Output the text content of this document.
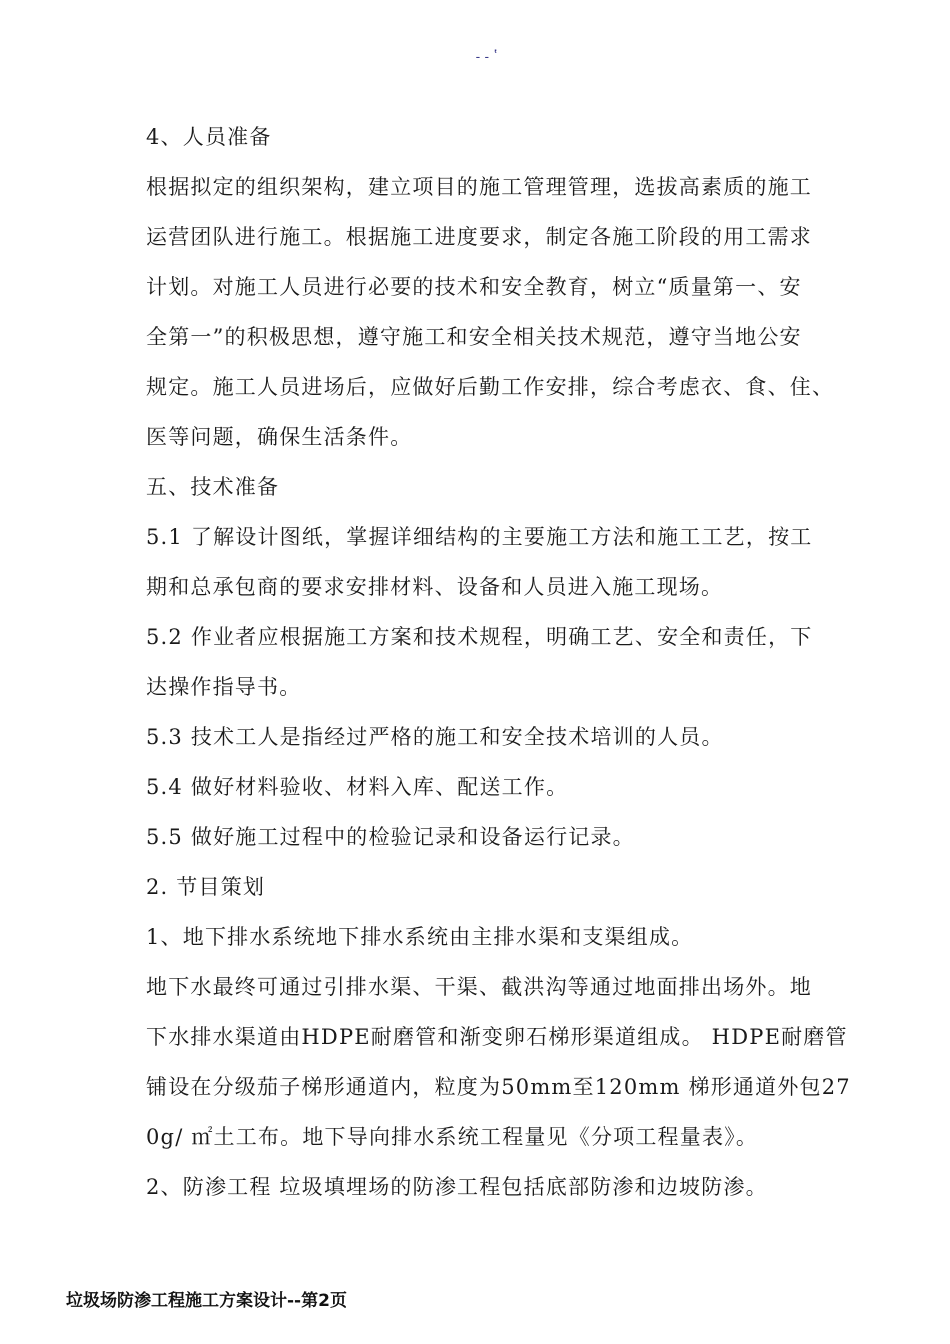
--ʽ
4、人员准备
根据拟定的组织架构，建立项目的施工管理管理，选拔高素质的施工
运营团队进行施工。根据施工进度要求，制定各施工阶段的用工需求
计划。对施工人员进行必要的技术和安全教育，树立“质量第一、安
全第一”的积极思想，遵守施工和安全相关技术规范，遵守当地公安
规定。施工人员进场后，应做好后勤工作安排，综合考虑衣、食、住、
医等问题，确保生活条件。
五、技术准备
5.1 了解设计图纸，掌握详细结构的主要施工方法和施工工艺，按工
期和总承包商的要求安排材料、设备和人员进入施工现场。
5.2 作业者应根据施工方案和技术规程，明确工艺、安全和责任，下
达操作指导书。
5.3 技术工人是指经过严格的施工和安全技术培训的人员。
5.4 做好材料验收、材料入库、配送工作。
5.5 做好施工过程中的检验记录和设备运行记录。
2. 节目策划
1、地下排水系统地下排水系统由主排水渠和支渠组成。
地下水最终可通过引排水渠、干渠、截洪沟等通过地面排出场外。地
下水排水渠道由HDPE耐磨管和渐变卵石梯形渠道组成。 HDPE耐磨管
铺设在分级茄子梯形通道内，粒度为50mm至120mm 梯形通道外包27
0g/ ㎡土工布。地下导向排水系统工程量见《分项工程量表》。
2、防渗工程 垃圾填埋场的防渗工程包括底部防渗和边坡防渗。
垃圾场防渗工程施工方案设计--第2页
